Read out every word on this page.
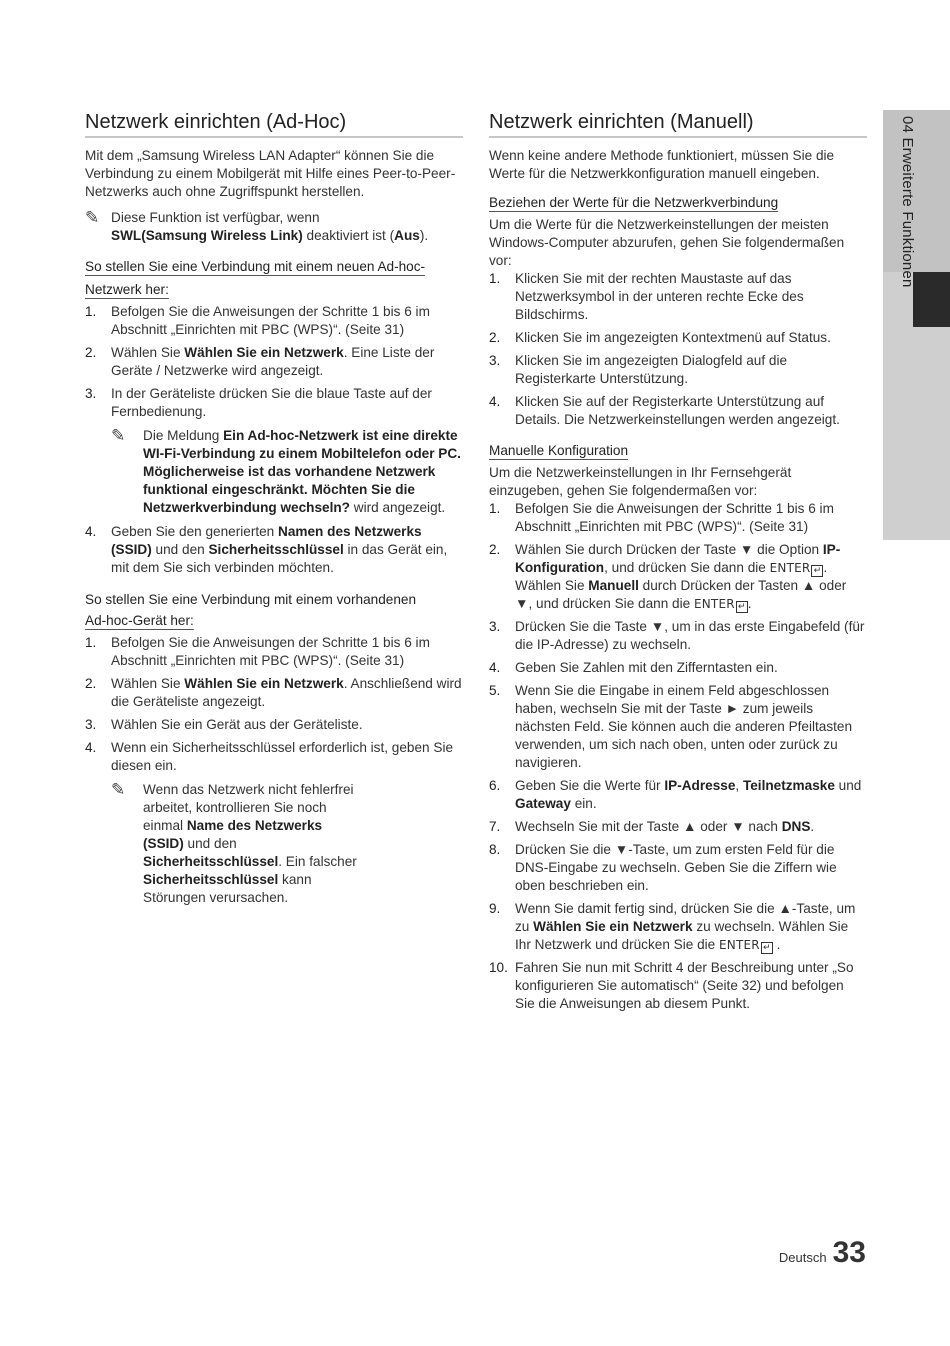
04 Erweiterte Funktionen
Netzwerk einrichten (Ad-Hoc)

Mit dem „Samsung Wireless LAN Adapter“ können Sie die Verbindung zu einem Mobilgerät mit Hilfe eines Peer-to-Peer-Netzwerks auch ohne Zugriffspunkt herstellen.

✎ Diese Funktion ist verfügbar, wenn
SWL(Samsung Wireless Link) deaktiviert ist (Aus).
So stellen Sie eine Verbindung mit einem neuen Ad-hoc-
Netzwerk her:
1.	Befolgen Sie die Anweisungen der Schritte 1 bis 6 im Abschnitt „Einrichten mit PBC (WPS)“. (Seite 31)
2.	Wählen Sie Wählen Sie ein Netzwerk. Eine Liste der Geräte / Netzwerke wird angezeigt.
3.	In der Geräteliste drücken Sie die blaue Taste auf der Fernbedienung.
✎	Die Meldung Ein Ad-hoc-Netzwerk ist eine direkte WI-Fi-Verbindung zu einem Mobiltelefon oder PC. Möglicherweise ist das vorhandene Netzwerk funktional eingeschränkt. Möchten Sie die Netzwerkverbindung wechseln? wird angezeigt.
4.	Geben Sie den generierten Namen des Netzwerks (SSID) und den Sicherheitsschlüssel in das Gerät ein, mit dem Sie sich verbinden möchten.
So stellen Sie eine Verbindung mit einem vorhandenen
Ad-hoc-Gerät her:
1.	Befolgen Sie die Anweisungen der Schritte 1 bis 6 im Abschnitt „Einrichten mit PBC (WPS)“. (Seite 31)
2.	Wählen Sie Wählen Sie ein Netzwerk. Anschließend wird die Geräteliste angezeigt.
3.	Wählen Sie ein Gerät aus der Geräteliste.
4.	Wenn ein Sicherheitsschlüssel erforderlich ist, geben Sie diesen ein.
✎	Wenn das Netzwerk nicht fehlerfrei arbeitet, kontrollieren Sie noch einmal Name des Netzwerks (SSID) und den Sicherheitsschlüssel. Ein falscher Sicherheitsschlüssel kann Störungen verursachen.
Netzwerk einrichten (Manuell)

Wenn keine andere Methode funktioniert, müssen Sie die Werte für die Netzwerkkonfiguration manuell eingeben.

Beziehen der Werte für die Netzwerkverbindung

Um die Werte für die Netzwerkeinstellungen der meisten Windows-Computer abzurufen, gehen Sie folgendermaßen vor:

1.	Klicken Sie mit der rechten Maustaste auf das Netzwerksymbol in der unteren rechte Ecke des Bildschirms.
2.	Klicken Sie im angezeigten Kontextmenü auf Status.
3.	Klicken Sie im angezeigten Dialogfeld auf die Registerkarte Unterstützung.
4.	Klicken Sie auf der Registerkarte Unterstützung auf Details. Die Netzwerkeinstellungen werden angezeigt.
Manuelle Konfiguration

Um die Netzwerkeinstellungen in Ihr Fernsehgerät einzugeben, gehen Sie folgendermaßen vor:

1.	Befolgen Sie die Anweisungen der Schritte 1 bis 6 im Abschnitt „Einrichten mit PBC (WPS)“. (Seite 31)
2.	Wählen Sie durch Drücken der Taste ▼ die Option IP-Konfiguration, und drücken Sie dann die ENTER ↵ . Wählen Sie Manuell durch Drücken der Tasten ▲ oder ▼, und drücken Sie dann die ENTER ↵ .
3.	Drücken Sie die Taste ▼, um in das erste Eingabefeld (für die IP-Adresse) zu wechseln.
4.	Geben Sie Zahlen mit den Zifferntasten ein.
5.	Wenn Sie die Eingabe in einem Feld abgeschlossen haben, wechseln Sie mit der Taste ► zum jeweils nächsten Feld. Sie können auch die anderen Pfeiltasten verwenden, um sich nach oben, unten oder zurück zu navigieren.
6.	Geben Sie die Werte für IP-Adresse, Teilnetzmaske und Gateway ein.
7.	Wechseln Sie mit der Taste ▲ oder ▼ nach DNS.
8.	Drücken Sie die ▼-Taste, um zum ersten Feld für die DNS-Eingabe zu wechseln. Geben Sie die Ziffern wie oben beschrieben ein.
9.	Wenn Sie damit fertig sind, drücken Sie die ▲-Taste, um zu Wählen Sie ein Netzwerk zu wechseln. Wählen Sie Ihr Netzwerk und drücken Sie die ENTER ↵ .
10. Fahren Sie nun mit Schritt 4 der Beschreibung unter „So konfigurieren Sie automatisch“ (Seite 32) und befolgen Sie die Anweisungen ab diesem Punkt.
Deutsch 33
